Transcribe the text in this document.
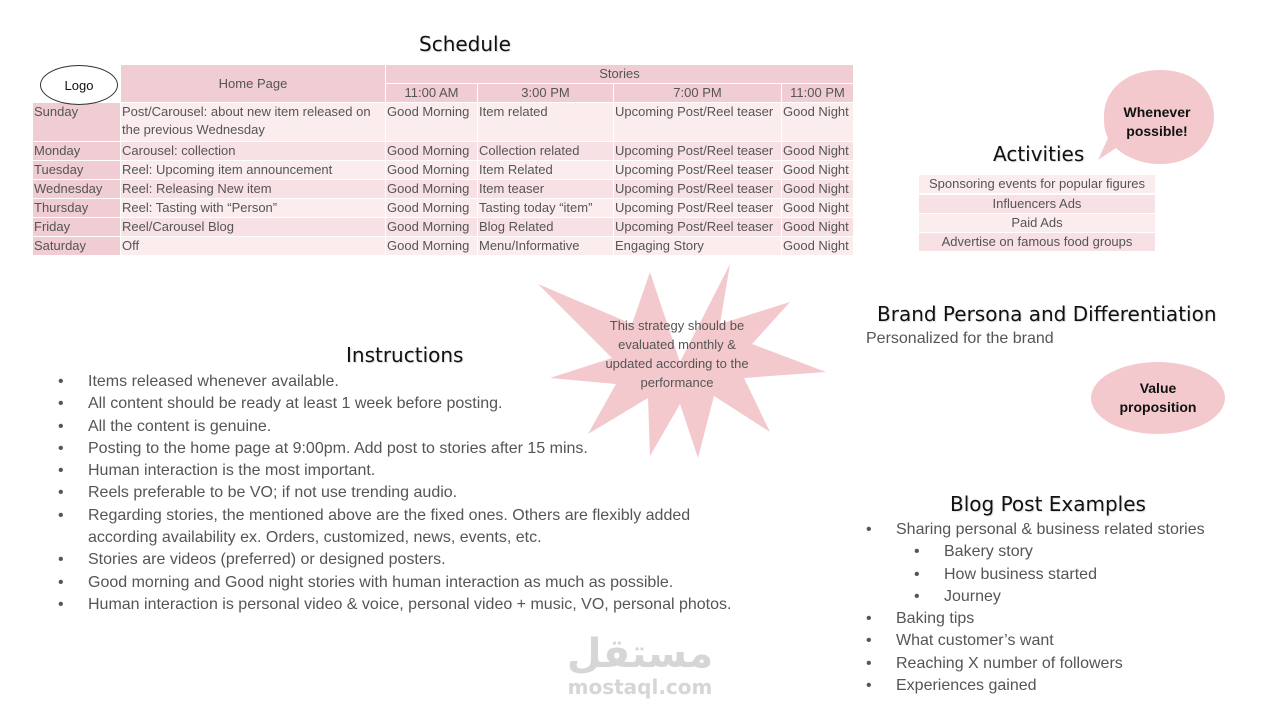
Schedule
	Home Page	Stories			
		11:00 AM	3:00 PM	7:00 PM	11:00 PM
Sunday	Post/Carousel: about new item released on the previous Wednesday	Good Morning	Item related	Upcoming Post/Reel teaser	Good Night
Monday	Carousel: collection	Good Morning	Collection related	Upcoming Post/Reel teaser	Good Night
Tuesday	Reel: Upcoming item announcement	Good Morning	Item Related	Upcoming Post/Reel teaser	Good Night
Wednesday	Reel: Releasing New item	Good Morning	Item teaser	Upcoming Post/Reel teaser	Good Night
Thursday	Reel: Tasting with “Person”	Good Morning	Tasting today “item”	Upcoming Post/Reel teaser	Good Night
Friday	Reel/Carousel Blog	Good Morning	Blog Related	Upcoming Post/Reel teaser	Good Night
Saturday	Off	Good Morning	Menu/Informative	Engaging Story	Good Night
Logo
Whenever possible!
Activities
Sponsoring events for popular figures
Influencers Ads
Paid Ads
Advertise on famous food groups
This strategy should be evaluated monthly & updated according to the performance
Instructions
• Items released whenever available.
• All content should be ready at least 1 week before posting.
• All the content is genuine.
• Posting to the home page at 9:00pm. Add post to stories after 15 mins.
• Human interaction is the most important.
• Reels preferable to be VO; if not use trending audio.
• Regarding stories, the mentioned above are the fixed ones. Others are flexibly added according availability ex. Orders, customized, news, events, etc.
• Stories are videos (preferred) or designed posters.
• Good morning and Good night stories with human interaction as much as possible.
• Human interaction is personal video & voice, personal video + music, VO, personal photos.
Brand Persona and Differentiation
Personalized for the brand
Value proposition
Blog Post Examples
• Sharing personal & business related stories
• Bakery story
• How business started
• Journey
• Baking tips
• What customer’s want
• Reaching X number of followers
• Experiences gained
مستقل
mostaql.com
